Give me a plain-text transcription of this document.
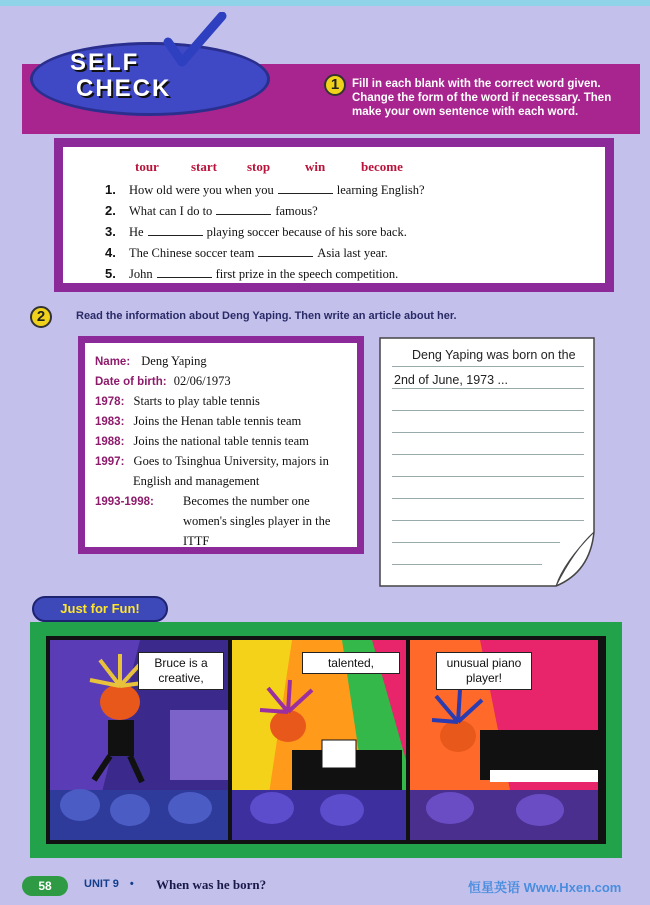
SELF
CHECK	1	Fill in each blank with the correct word given. Change the form of the word if necessary. Then make your own sentence with each word.
tour	start	stop	win	become
1.	How old were you when you	learning English?
2.	What can I do to	famous?
3.	He	playing soccer because of his sore back.
4.	The Chinese soccer team	Asia last year.
5.	John	first prize in the speech competition.
2	Read the information about Deng Yaping. Then write an article about her.
Name: Deng Yaping
Date of birth: 02/06/1973
1978: Starts to play table tennis
1983: Joins the Henan table tennis team
1988: Joins the national table tennis team
1997: Goes to Tsinghua University, majors in
English and management
1993-1998: Becomes the number one
women's singles player in the
ITTF
Deng Yaping was born on the
2nd of June, 1973 ...
Bruce is a creative,
talented,	unusual piano player!
Just for Fun!
58	UNIT 9 • When was he born?	恒星英语 Www.Hxen.com
